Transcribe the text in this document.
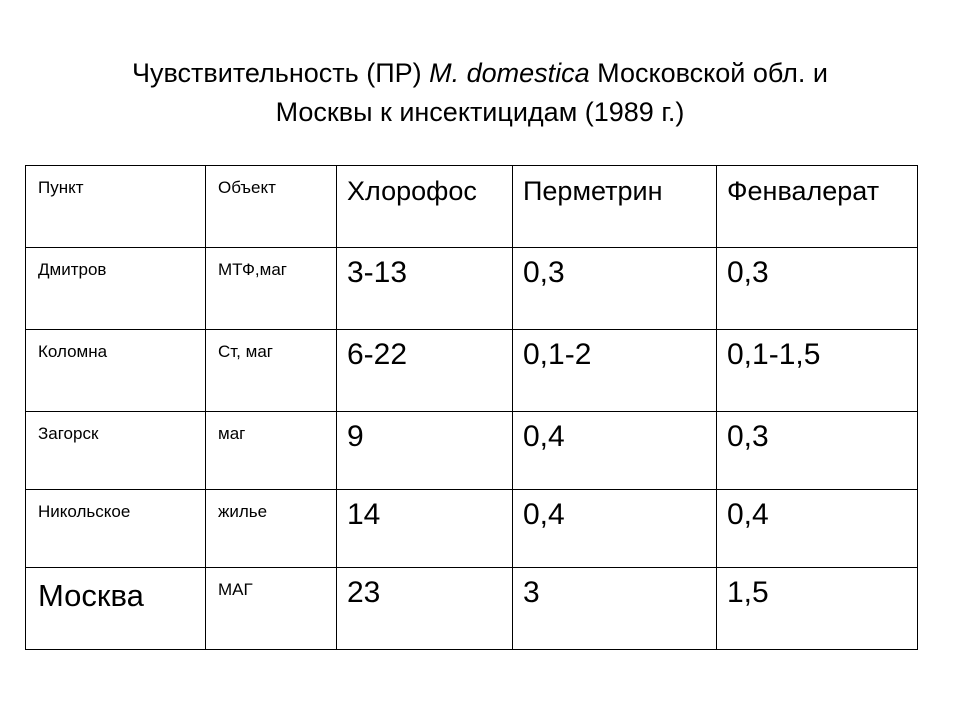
Чувствительность (ПР) M. domestica Московской обл. и
Москвы к инсектицидам (1989 г.)
Пункт	Объект	Хлорофос	Перметрин	Фенвалерат
Дмитров	МТФ,маг	3-13	0,3	0,3
Коломна	Ст, маг	6-22	0,1-2	0,1-1,5
Загорск	маг	9	0,4	0,3
Никольское	жилье	14	0,4	0,4
Москва	МАГ	23	3	1,5
